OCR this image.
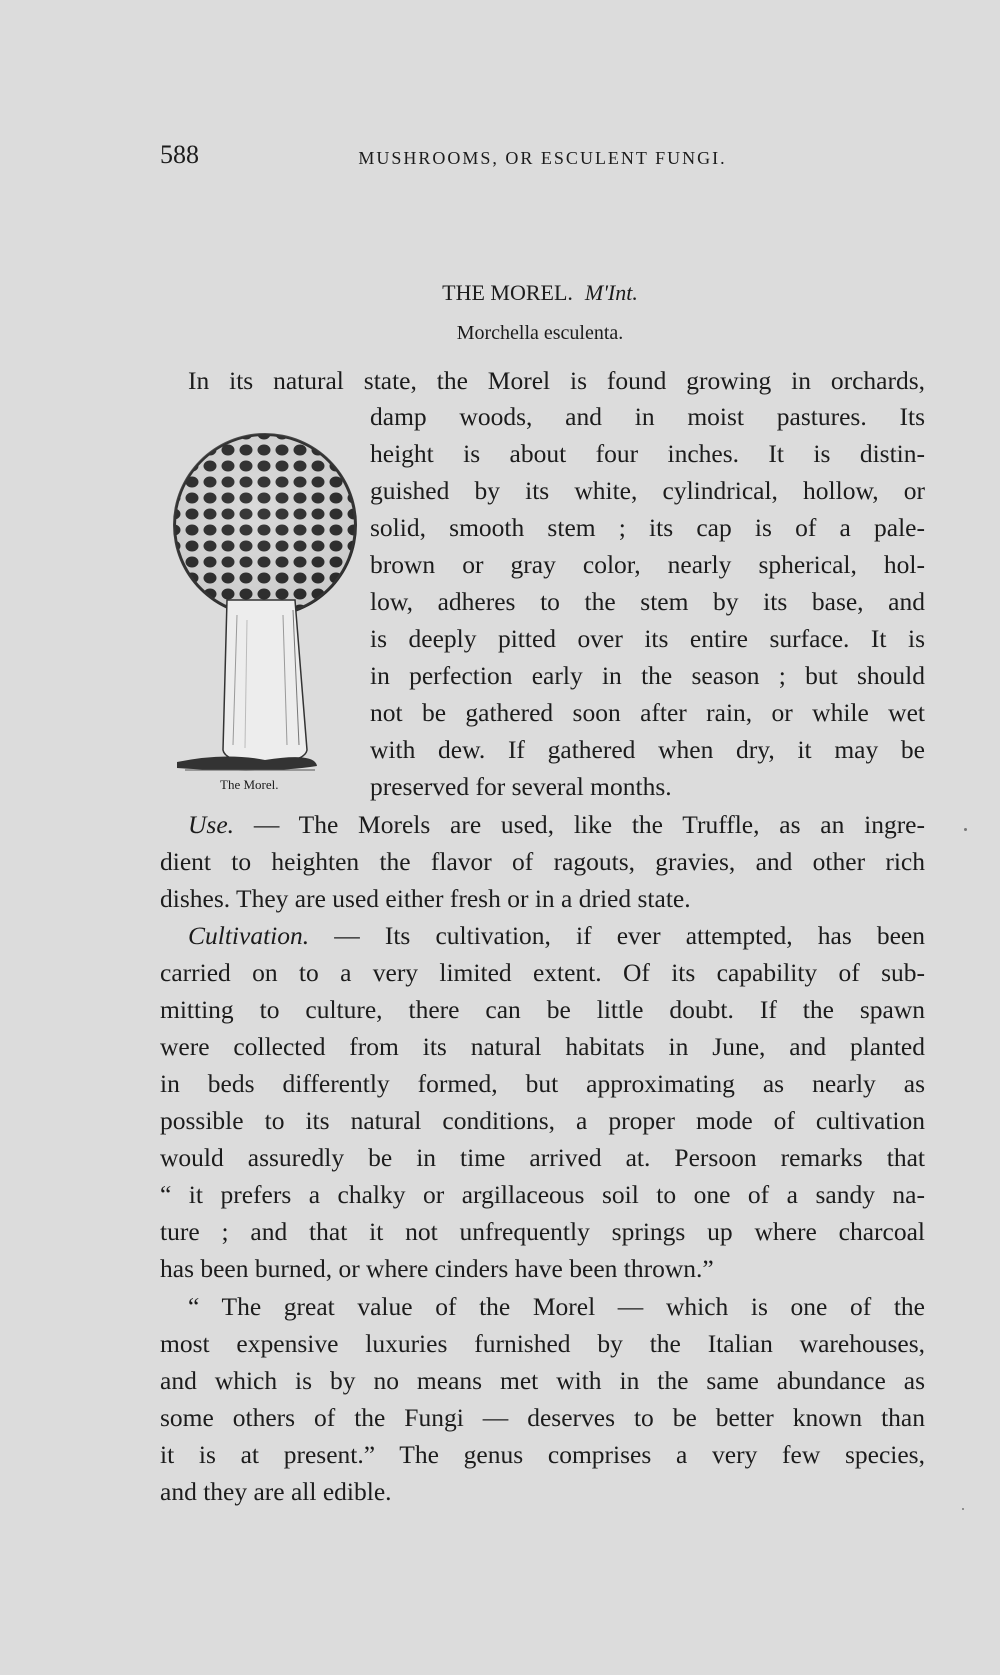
588	MUSHROOMS, OR ESCULENT FUNGI.
THE MOREL. M'Int.
Morchella esculenta.
In its natural state, the Morel is found growing in orchards,
The Morel.
damp woods, and in moist pastures. Its
height is about four inches. It is distin-
guished by its white, cylindrical, hollow, or
solid, smooth stem ; its cap is of a pale-
brown or gray color, nearly spherical, hol-
low, adheres to the stem by its base, and
is deeply pitted over its entire surface. It is
in perfection early in the season ; but should
not be gathered soon after rain, or while wet
with dew. If gathered when dry, it may be
preserved for several months.
Use. — The Morels are used, like the Truffle, as an ingre-
dient to heighten the flavor of ragouts, gravies, and other rich
dishes. They are used either fresh or in a dried state.
Cultivation. — Its cultivation, if ever attempted, has been
carried on to a very limited extent. Of its capability of sub-
mitting to culture, there can be little doubt. If the spawn
were collected from its natural habitats in June, and planted
in beds differently formed, but approximating as nearly as
possible to its natural conditions, a proper mode of cultivation
would assuredly be in time arrived at. Persoon remarks that
“ it prefers a chalky or argillaceous soil to one of a sandy na-
ture ; and that it not unfrequently springs up where charcoal
has been burned, or where cinders have been thrown.”
“ The great value of the Morel — which is one of the
most expensive luxuries furnished by the Italian warehouses,
and which is by no means met with in the same abundance as
some others of the Fungi — deserves to be better known than
it is at present.” The genus comprises a very few species,
and they are all edible.
